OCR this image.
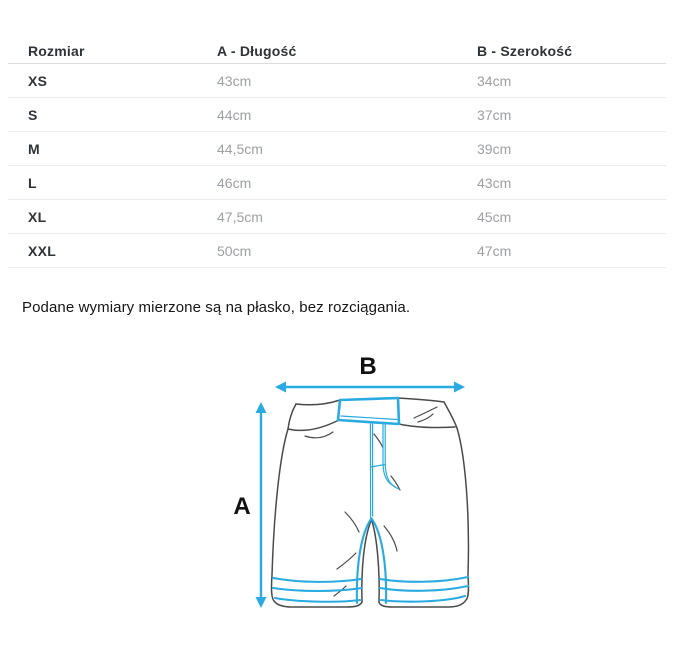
Rozmiar	A - Długość	B - Szerokość
XS	43cm	34cm
S	44cm	37cm
M	44,5cm	39cm
L	46cm	43cm
XL	47,5cm	45cm
XXL	50cm	47cm
Podane wymiary mierzone są na płasko, bez rozciągania.
B
A
